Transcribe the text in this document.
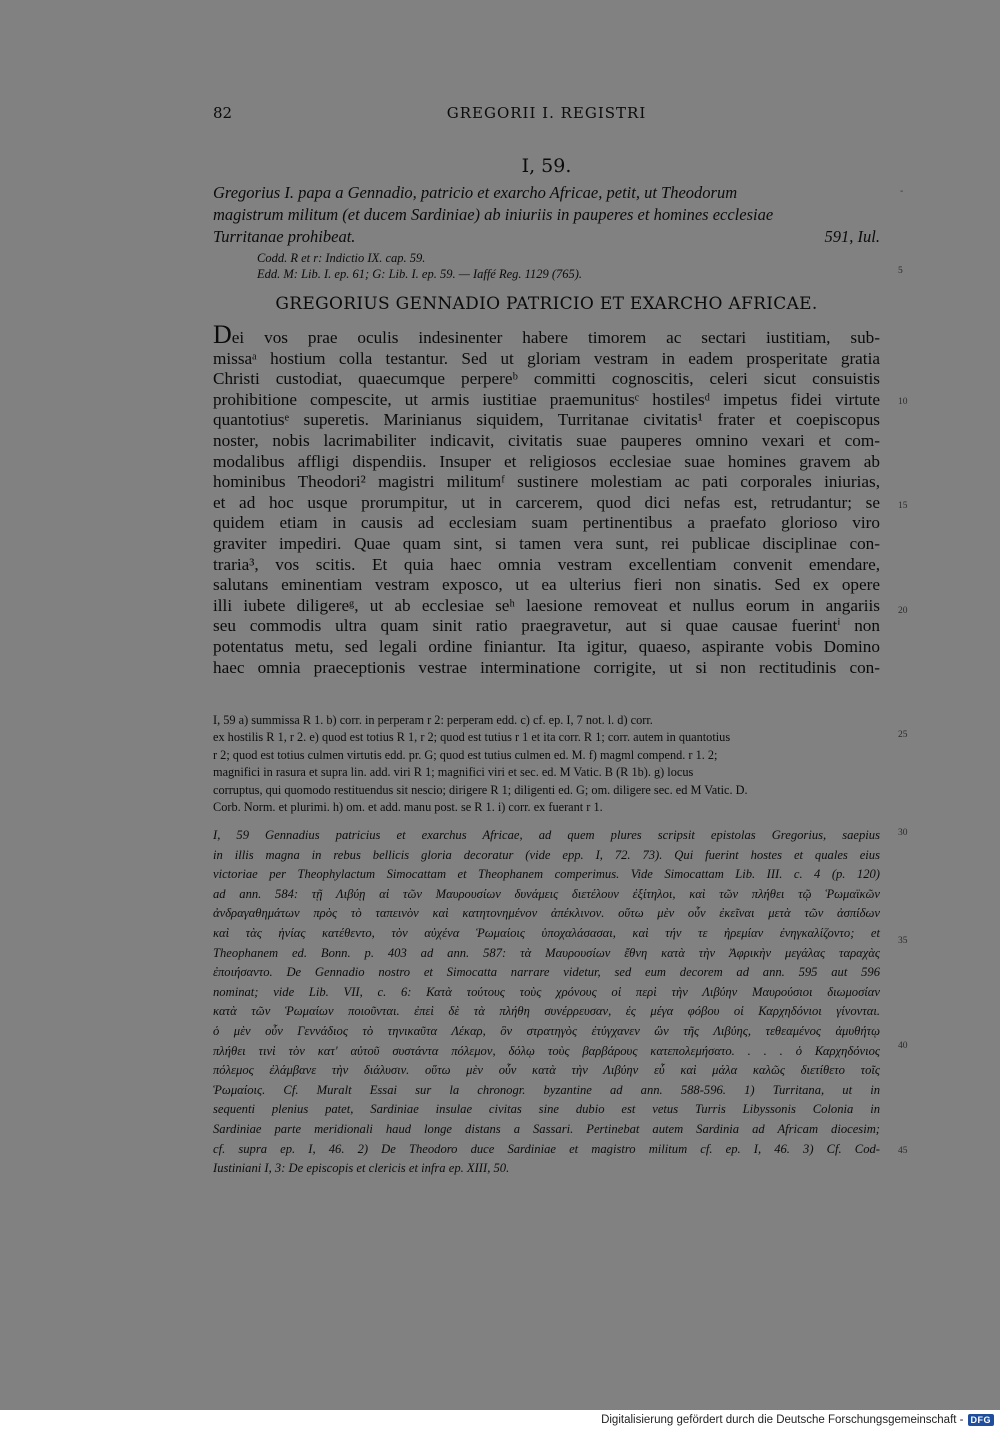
82	GREGORII I. REGISTRI
I, 59.
Gregorius I. papa a Gennadio, patricio et exarcho Africae, petit, ut Theodorum
magistrum militum (et ducem Sardiniae) ab iniuriis in pauperes et homines ecclesiae
Turritanae prohibeat.	591, Iul.
Codd. R et r: Indictio IX. cap. 59.
Edd. M: Lib. I. ep. 61; G: Lib. I. ep. 59. — Iaffé Reg. 1129 (765).
GREGORIUS GENNADIO PATRICIO ET EXARCHO AFRICAE.
Dei vos prae oculis indesinenter habere timorem ac sectari iustitiam, sub-
missaᵃ hostium colla testantur. Sed ut gloriam vestram in eadem prosperitate gratia
Christi custodiat, quaecumque perpereᵇ committi cognoscitis, celeri sicut consuistis
prohibitione compescite, ut armis iustitiae praemunitusᶜ hostilesᵈ impetus fidei virtute
quantotiusᵉ superetis. Marinianus siquidem, Turritanae civitatis¹ frater et coepiscopus
noster, nobis lacrimabiliter indicavit, civitatis suae pauperes omnino vexari et com-
modalibus affligi dispendiis. Insuper et religiosos ecclesiae suae homines gravem ab
hominibus Theodori² magistri militumᶠ sustinere molestiam ac pati corporales iniurias,
et ad hoc usque prorumpitur, ut in carcerem, quod dici nefas est, retrudantur; se
quidem etiam in causis ad ecclesiam suam pertinentibus a praefato glorioso viro
graviter impediri. Quae quam sint, si tamen vera sunt, rei publicae disciplinae con-
traria³, vos scitis. Et quia haec omnia vestram excellentiam convenit emendare,
salutans eminentiam vestram exposco, ut ea ulterius fieri non sinatis. Sed ex opere
illi iubete diligereᵍ, ut ab ecclesiae seʰ laesione removeat et nullus eorum in angariis
seu commodis ultra quam sinit ratio praegravetur, aut si quae causae fuerintⁱ non
potentatus metu, sed legali ordine finiantur. Ita igitur, quaeso, aspirante vobis Domino
haec omnia praeceptionis vestrae interminatione corrigite, ut si non rectitudinis con-
I, 59 a) summissa R 1. b) corr. in perperam r 2: perperam edd. c) cf. ep. I, 7 not. l. d) corr.
ex hostilis R 1, r 2. e) quod est totius R 1, r 2; quod est tutius r 1 et ita corr. R 1; corr. autem in quantotius
r 2; quod est totius culmen virtutis edd. pr. G; quod est tutius culmen ed. M. f) magml compend. r 1. 2;
magnifici in rasura et supra lin. add. viri R 1; magnifici viri et sec. ed. M Vatic. B (R 1b). g) locus
corruptus, qui quomodo restituendus sit nescio; dirigere R 1; diligenti ed. G; om. diligere sec. ed M Vatic. D.
Corb. Norm. et plurimi. h) om. et add. manu post. se R 1. i) corr. ex fuerant r 1.
I, 59 Gennadius patricius et exarchus Africae, ad quem plures scripsit epistolas Gregorius, saepius
in illis magna in rebus bellicis gloria decoratur (vide epp. I, 72. 73). Qui fuerint hostes et quales eius
victoriae per Theophylactum Simocattam et Theophanem comperimus. Vide Simocattam Lib. III. c. 4 (p. 120)
ad ann. 584: τῇ Λιβύῃ αἱ τῶν Μαυρουσίων δυνάμεις διετέλουν ἐξίτηλοι, καὶ τῶν πλήθει τῷ Ῥωμαϊκῶν
ἀνδραγαθημάτων πρὸς τὸ ταπεινὸν καὶ κατητονημένον ἀπέκλινον. οὕτω μὲν οὖν ἐκεῖναι μετὰ τῶν ἀσπίδων
καὶ τὰς ἡνίας κατέθεντο, τὸν αὐχένα Ῥωμαίοις ὑποχαλάσασαι, καὶ τήν τε ἠρεμίαν ἐνηγκαλίζοντο; et
Theophanem ed. Bonn. p. 403 ad ann. 587: τὰ Μαυρουσίων ἔθνη κατὰ τὴν Ἀφρικὴν μεγάλας ταραχὰς
ἐποιήσαντο. De Gennadio nostro et Simocatta narrare videtur, sed eum decorem ad ann. 595 aut 596
nominat; vide Lib. VII, c. 6: Κατὰ τούτους τοὺς χρόνους οἱ περὶ τὴν Λιβύην Μαυρούσιοι διωμοσίαν
κατὰ τῶν Ῥωμαίων ποιοῦνται. ἐπεὶ δὲ τὰ πλήθη συνέρρευσαν, ἐς μέγα φόβου οἱ Καρχηδόνιοι γίνονται.
ὁ μὲν οὖν Γεννάδιος τὸ τηνικαῦτα Λέκαρ, ὃν στρατηγὸς ἐτύγχανεν ὢν τῆς Λιβύης, τεθεαμένος ἀμυθήτῳ
πλήθει τινὶ τὸν κατ' αὐτοῦ συστάντα πόλεμον, δόλῳ τοὺς βαρβάρους κατεπολεμήσατο. . . . ὁ Καρχηδόνιος
πόλεμος ἐλάμβανε τὴν διάλυσιν. οὕτω μὲν οὖν κατὰ τὴν Λιβύην εὖ καὶ μάλα καλῶς διετίθετο τοῖς
Ῥωμαίοις. Cf. Muralt Essai sur la chronogr. byzantine ad ann. 588-596. 1) Turritana, ut in
sequenti plenius patet, Sardiniae insulae civitas sine dubio est vetus Turris Libyssonis Colonia in
Sardiniae parte meridionali haud longe distans a Sassari. Pertinebat autem Sardinia ad Africam diocesim;
cf. supra ep. I, 46. 2) De Theodoro duce Sardiniae et magistro militum cf. ep. I, 46. 3) Cf. Cod-
Iustiniani I, 3: De episcopis et clericis et infra ep. XIII, 50.
-
5
10
15
20
25
30
35
40
45
Digitalisierung gefördert durch die Deutsche Forschungsgemeinschaft - DFG
